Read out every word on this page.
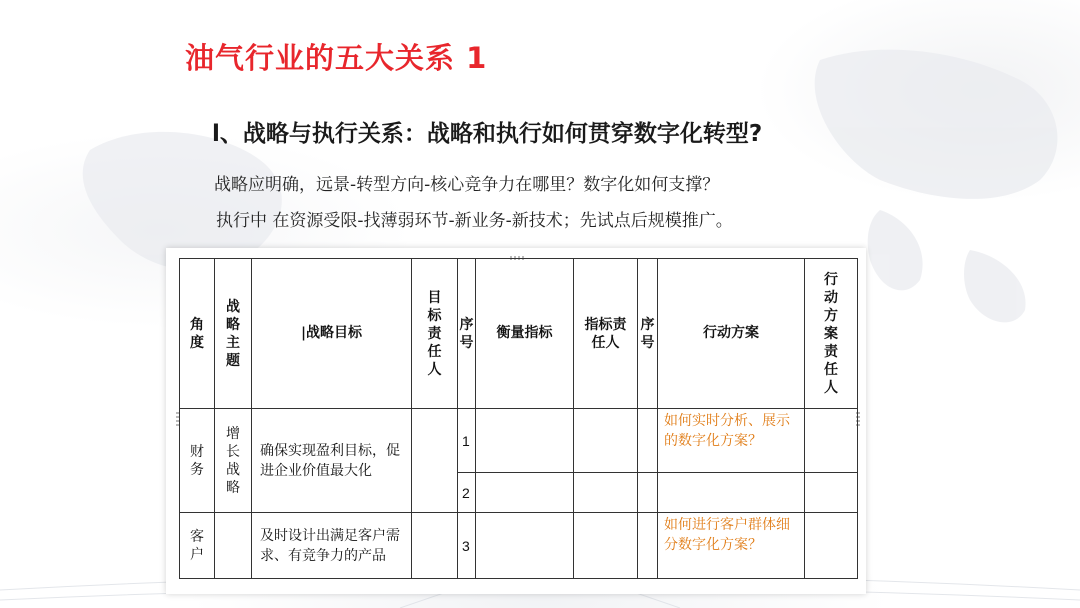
油气行业的五大关系 1
l、战略与执行关系：战略和执行如何贯穿数字化转型?
战略应明确，远景-转型方向-核心竞争力在哪里？数字化如何支撑？
执行中 在资源受限-找薄弱环节-新业务-新技术；先试点后规模推广。
角度	战略主题	|战略目标	目标责任人	序号	衡量指标	指标责任人	序号	行动方案	行动方案责任人
财务	增长战略	确保实现盈利目标，促进企业价值最大化		1				如何实时分析、展示的数字化方案？	
				2					
客户		及时设计出满足客户需求、有竞争力的产品		3				如何进行客户群体细分数字化方案？	
